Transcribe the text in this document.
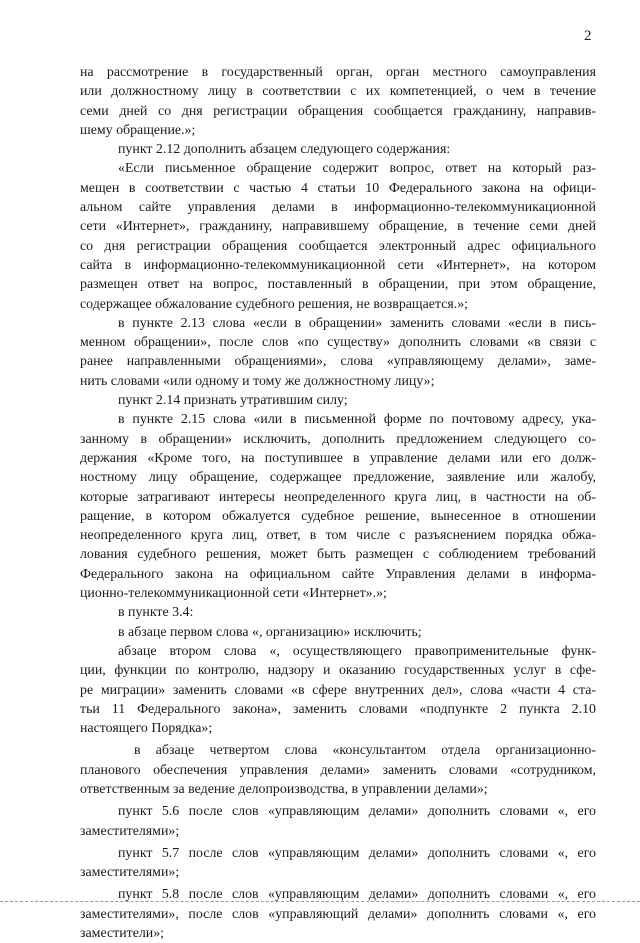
2
на рассмотрение в государственный орган, орган местного самоуправления
или должностному лицу в соответствии с их компетенцией, о чем в течение
семи дней со дня регистрации обращения сообщается гражданину, направив-
шему обращение.»;
пункт 2.12 дополнить абзацем следующего содержания:
«Если письменное обращение содержит вопрос, ответ на который раз-
мещен в соответствии с частью 4 статьи 10 Федерального закона на офици-
альном сайте управления делами в информационно-телекоммуникационной
сети «Интернет», гражданину, направившему обращение, в течение семи дней
со дня регистрации обращения сообщается электронный адрес официального
сайта в информационно-телекоммуникационной сети «Интернет», на котором
размещен ответ на вопрос, поставленный в обращении, при этом обращение,
содержащее обжалование судебного решения, не возвращается.»;
в пункте 2.13 слова «если в обращении» заменить словами «если в пись-
менном обращении», после слов «по существу» дополнить словами «в связи с
ранее направленными обращениями», слова «управляющему делами», заме-
нить словами «или одному и тому же должностному лицу»;
пункт 2.14 признать утратившим силу;
в пункте 2.15 слова «или в письменной форме по почтовому адресу, ука-
занному в обращении» исключить, дополнить предложением следующего со-
держания «Кроме того, на поступившее в управление делами или его долж-
ностному лицу обращение, содержащее предложение, заявление или жалобу,
которые затрагивают интересы неопределенного круга лиц, в частности на об-
ращение, в котором обжалуется судебное решение, вынесенное в отношении
неопределенного круга лиц, ответ, в том числе с разъяснением порядка обжа-
лования судебного решения, может быть размещен с соблюдением требований
Федерального закона на официальном сайте Управления делами в информа-
ционно-телекоммуникационной сети «Интернет».»;
в пункте 3.4:
в абзаце первом слова «, организацию» исключить;
абзаце втором слова «, осуществляющего правоприменительные функ-
ции, функции по контролю, надзору и оказанию государственных услуг в сфе-
ре миграции» заменить словами «в сфере внутренних дел», слова «части 4 ста-
тьи 11 Федерального закона», заменить словами «подпункте 2 пункта 2.10
настоящего Порядка»;
в абзаце четвертом слова «консультантом отдела организационно-
планового обеспечения управления делами» заменить словами «сотрудником,
ответственным за ведение делопроизводства, в управлении делами»;
пункт 5.6 после слов «управляющим делами» дополнить словами «, его
заместителями»;
пункт 5.7 после слов «управляющим делами» дополнить словами «, его
заместителями»;
пункт 5.8 после слов «управляющим делами» дополнить словами «, его
заместителями», после слов «управляющий делами» дополнить словами «, его
заместители»;
